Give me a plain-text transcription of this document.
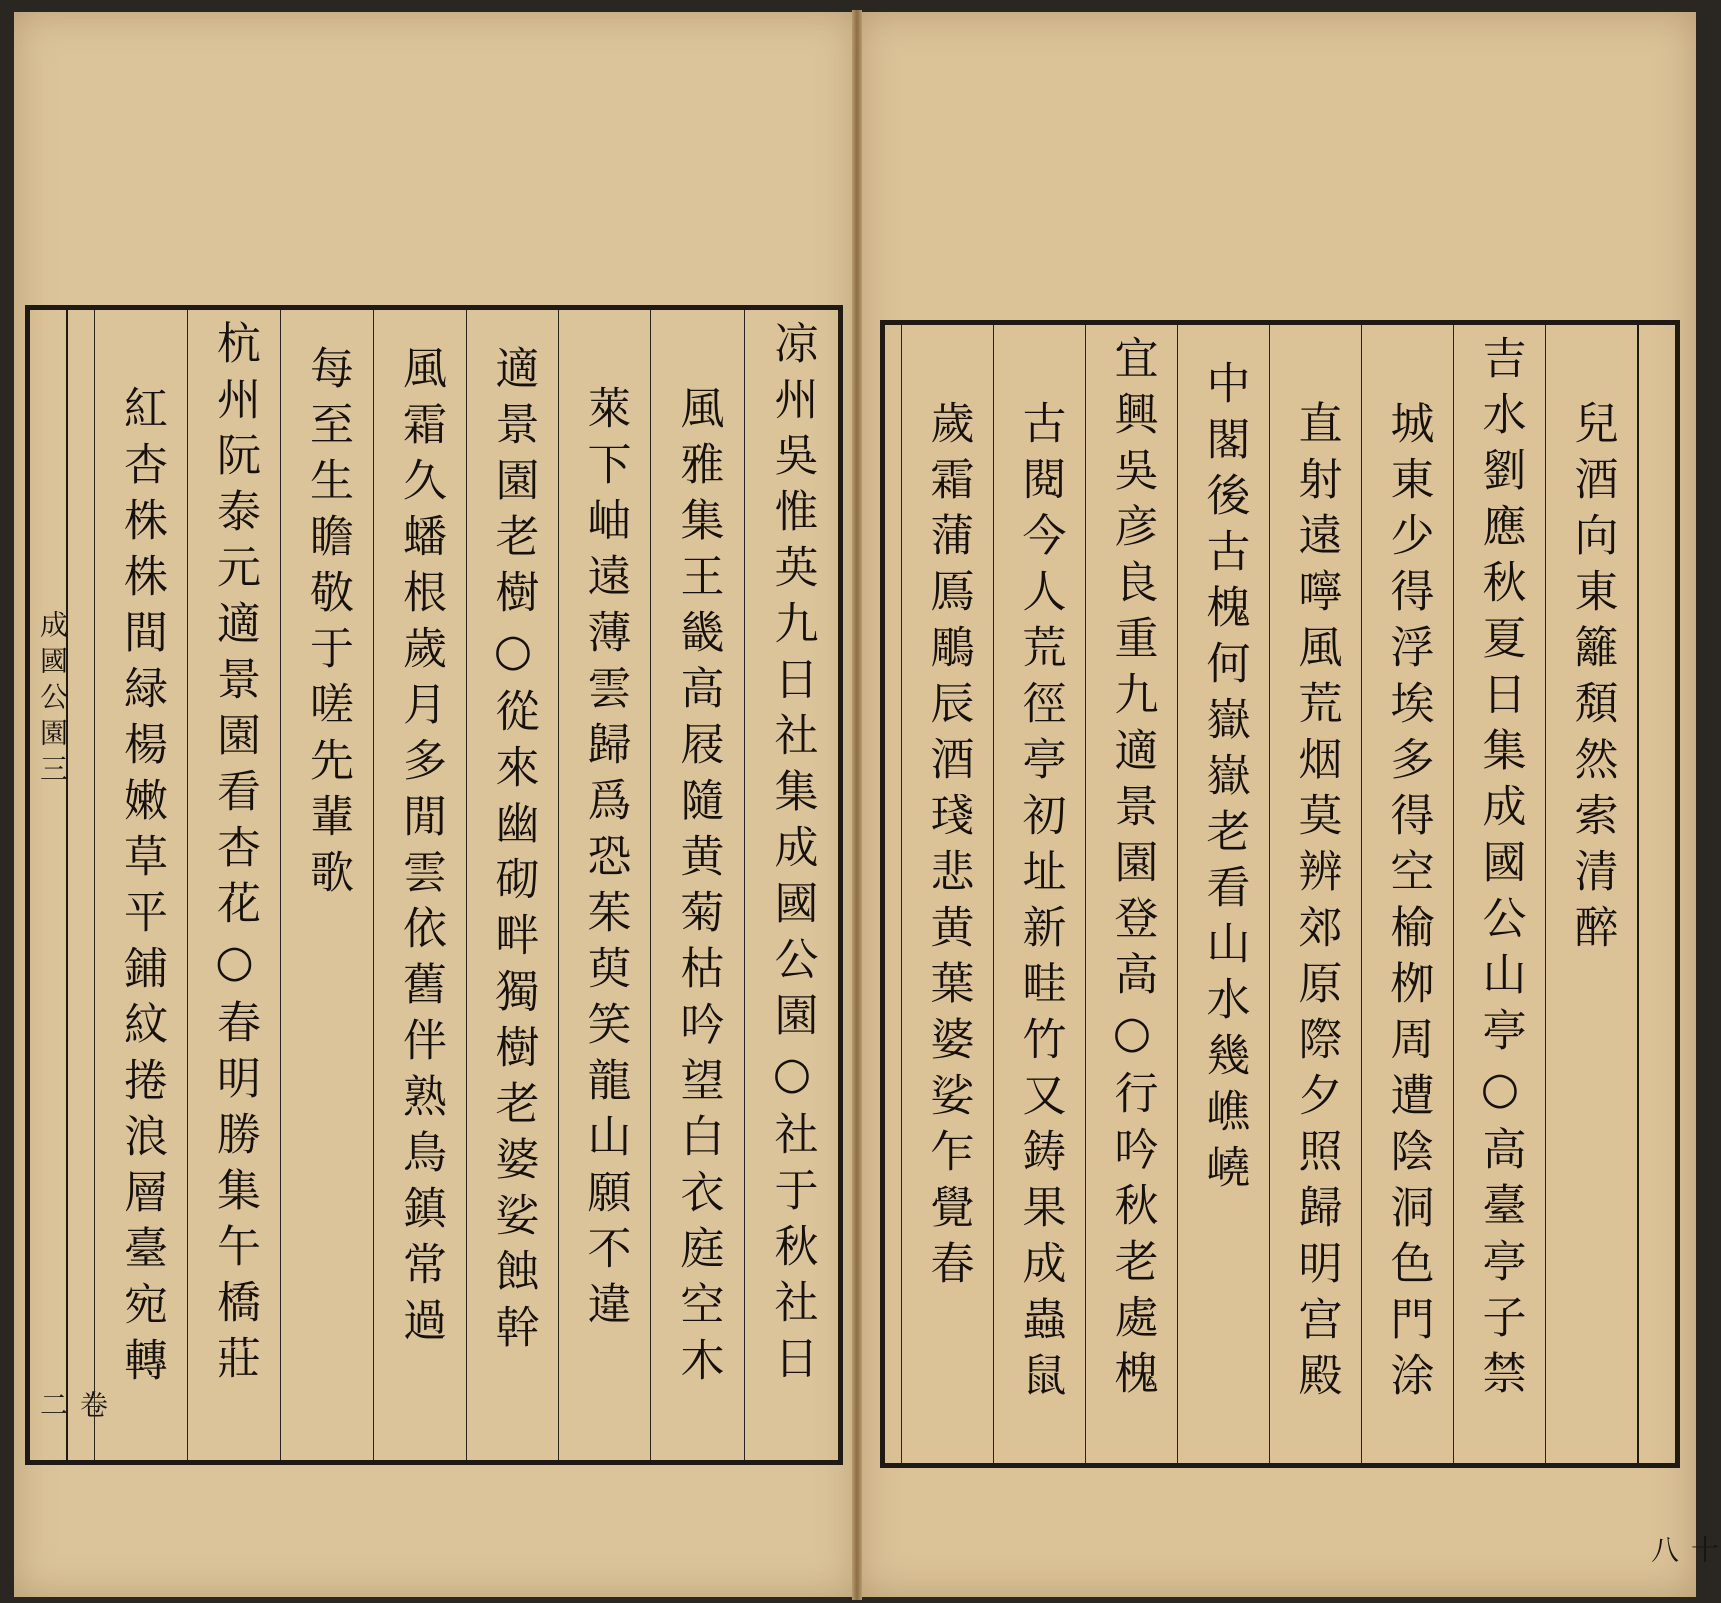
成國公園三
卷二
凉州吳惟英九日社集成國公園○社于秋社日
風雅集王畿高屐隨黄菊枯吟望白衣庭空木
萊下岫遠薄雲歸爲恐茱萸笑龍山願不違
適景園老樹○從來幽砌畔獨樹老婆娑蝕幹
風霜久蟠根歲月多閒雲依舊伴熟鳥鎮常過
每至生瞻敬于嗟先輩歌
杭州阮泰元適景園看杏花○春明勝集午橋莊
紅杏株株間緑楊嫩草平鋪紋捲浪層臺宛轉
十八
兒酒向東籬頽然索清醉
吉水劉應秋夏日集成國公山亭○高臺亭子禁
城東少得浮埃多得空榆栁周遭陰洞色門涂
直射遠嚀風荒烟莫辨郊原際夕照歸明宫殿
中閣後古槐何嶽嶽老看山水幾嶕嶢
宜興吳彦良重九適景園登高○行吟秋老處槐
古閱今人荒徑亭初址新畦竹又鋳果成蟲鼠
歲霜蒲鳫鵰辰酒琖悲黄葉婆娑乍覺春
